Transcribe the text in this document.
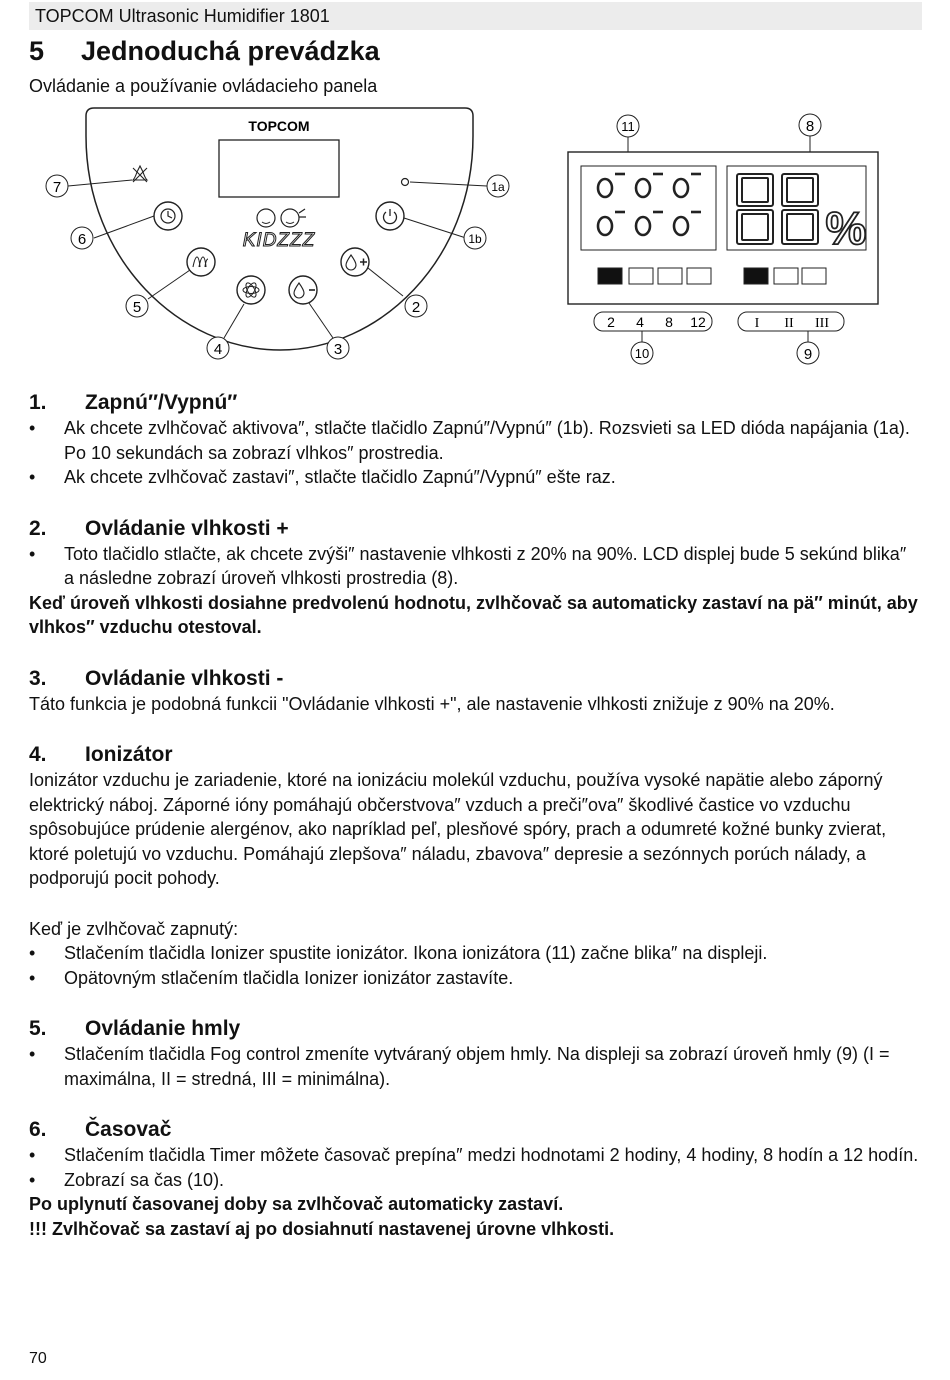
TOPCOM Ultrasonic Humidifier 1801
5 Jednoduchá prevádzka
Ovládanie a používanie ovládacieho panela
TOPCOM
KIDZZZ
7
6
5
4	3
2
1b
1a
%
2 4 8 12	I II III
11	8
10	9
1. Zapnú″/Vypnú″
• Ak chcete zvlhčovač aktivova″, stlačte tlačidlo Zapnú″/Vypnú″ (1b). Rozsvieti sa LED dióda napájania (1a). Po 10 sekundách sa zobrazí vlhkos″ prostredia.
• Ak chcete zvlhčovač zastavi″, stlačte tlačidlo Zapnú″/Vypnú″ ešte raz.
2. Ovládanie vlhkosti +
• Toto tlačidlo stlačte, ak chcete zvýši″ nastavenie vlhkosti z 20% na 90%. LCD displej bude 5 sekúnd blika″ a následne zobrazí úroveň vlhkosti prostredia (8).

Keď úroveň vlhkosti dosiahne predvolenú hodnotu, zvlhčovač sa automaticky zastaví na pä″ minút, aby vlhkos″ vzduchu otestoval.

3. Ovládanie vlhkosti -

Táto funkcia je podobná funkcii "Ovládanie vlhkosti +", ale nastavenie vlhkosti znižuje z 90% na 20%.

4. Ionizátor

Ionizátor vzduchu je zariadenie, ktoré na ionizáciu molekúl vzduchu, používa vysoké napätie alebo záporný elektrický náboj. Záporné ióny pomáhajú občerstvova″ vzduch a preči″ova″ škodlivé častice vo vzduchu spôsobujúce prúdenie alergénov, ako napríklad peľ, plesňové spóry, prach a odumreté kožné bunky zvierat, ktoré poletujú vo vzduchu. Pomáhajú zlepšova″ náladu, zbavova″ depresie a sezónnych porúch nálady, a podporujú pocit pohody.

Keď je zvlhčovač zapnutý:

• Stlačením tlačidla Ionizer spustite ionizátor. Ikona ionizátora (11) začne blika″ na displeji.
• Opätovným stlačením tlačidla Ionizer ionizátor zastavíte.
5. Ovládanie hmly
• Stlačením tlačidla Fog control zmeníte vytváraný objem hmly. Na displeji sa zobrazí úroveň hmly (9) (I = maximálna, II = stredná, III = minimálna).
6. Časovač
• Stlačením tlačidla Timer môžete časovač prepína″ medzi hodnotami 2 hodiny, 4 hodiny, 8 hodín a 12 hodín.
• Zobrazí sa čas (10).

Po uplynutí časovanej doby sa zvlhčovač automaticky zastaví.

!!! Zvlhčovač sa zastaví aj po dosiahnutí nastavenej úrovne vlhkosti.

70
